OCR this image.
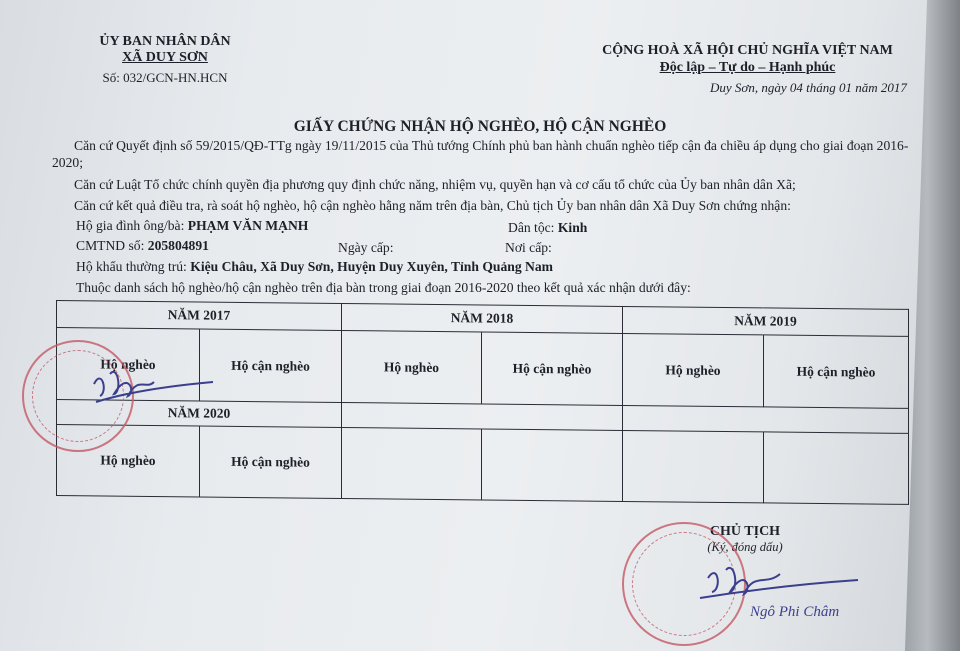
ỦY BAN NHÂN DÂN
XÃ DUY SƠN
Số: 032/GCN-HN.HCN
CỘNG HOÀ XÃ HỘI CHỦ NGHĨA VIỆT NAM
Độc lập – Tự do – Hạnh phúc
Duy Sơn, ngày 04 tháng 01 năm 2017
GIẤY CHỨNG NHẬN HỘ NGHÈO, HỘ CẬN NGHÈO
Căn cứ Quyết định số 59/2015/QĐ-TTg ngày 19/11/2015 của Thủ tướng Chính phủ ban hành chuẩn nghèo tiếp cận đa chiều áp dụng cho giai đoạn 2016-2020;
Căn cứ Luật Tổ chức chính quyền địa phương quy định chức năng, nhiệm vụ, quyền hạn và cơ cấu tổ chức của Ủy ban nhân dân Xã;
Căn cứ kết quả điều tra, rà soát hộ nghèo, hộ cận nghèo hằng năm trên địa bàn, Chủ tịch Ủy ban nhân dân Xã Duy Sơn chứng nhận:
Hộ gia đình ông/bà: PHẠM VĂN MẠNH	Dân tộc: Kinh
CMTND số: 205804891	Ngày cấp:	Nơi cấp:
Hộ khẩu thường trú: Kiệu Châu, Xã Duy Sơn, Huyện Duy Xuyên, Tỉnh Quảng Nam
Thuộc danh sách hộ nghèo/hộ cận nghèo trên địa bàn trong giai đoạn 2016-2020 theo kết quả xác nhận dưới đây:
NĂM 2017		NĂM 2018		NĂM 2019	
Hộ nghèo	Hộ cận nghèo	Hộ nghèo	Hộ cận nghèo	Hộ nghèo	Hộ cận nghèo
NĂM 2020					
Hộ nghèo	Hộ cận nghèo				
CHỦ TỊCH
(Ký, đóng dấu)
Ngô Phi Châm
